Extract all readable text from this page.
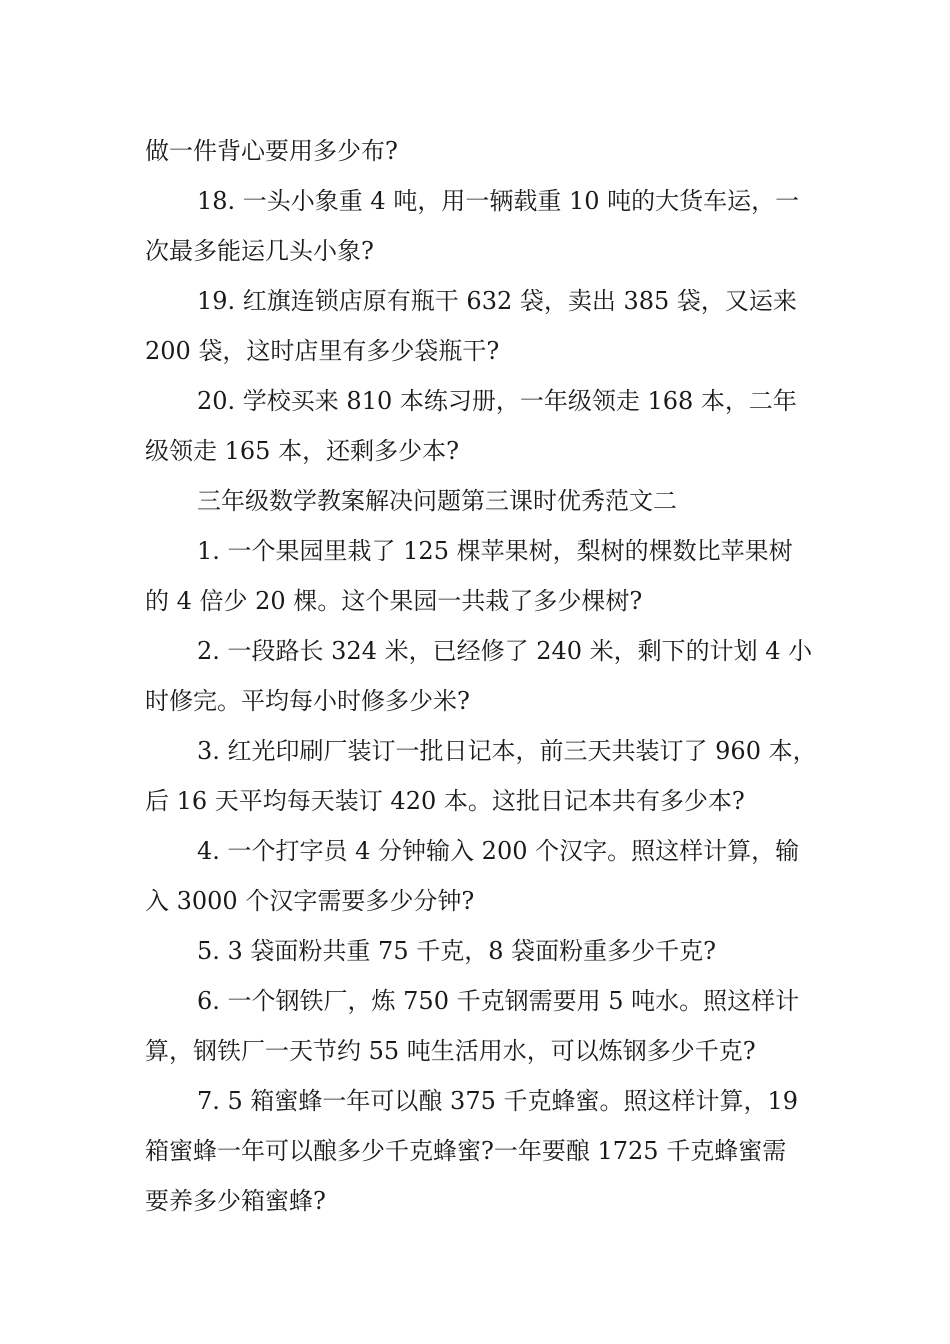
做一件背心要用多少布?
18. 一头小象重 4 吨，用一辆载重 10 吨的大货车运，一
次最多能运几头小象?
19. 红旗连锁店原有瓶干 632 袋，卖出 385 袋，又运来
200 袋，这时店里有多少袋瓶干?
20. 学校买来 810 本练习册，一年级领走 168 本，二年
级领走 165 本，还剩多少本?
三年级数学教案解决问题第三课时优秀范文二
1. 一个果园里栽了 125 棵苹果树，梨树的棵数比苹果树
的 4 倍少 20 棵。这个果园一共栽了多少棵树?
2. 一段路长 324 米，已经修了 240 米，剩下的计划 4 小
时修完。平均每小时修多少米?
3. 红光印刷厂装订一批日记本，前三天共装订了 960 本，
后 16 天平均每天装订 420 本。这批日记本共有多少本?
4. 一个打字员 4 分钟输入 200 个汉字。照这样计算，输
入 3000 个汉字需要多少分钟?
5. 3 袋面粉共重 75 千克，8 袋面粉重多少千克?
6. 一个钢铁厂，炼 750 千克钢需要用 5 吨水。照这样计
算，钢铁厂一天节约 55 吨生活用水，可以炼钢多少千克?
7. 5 箱蜜蜂一年可以酿 375 千克蜂蜜。照这样计算，19
箱蜜蜂一年可以酿多少千克蜂蜜?一年要酿 1725 千克蜂蜜需
要养多少箱蜜蜂?
